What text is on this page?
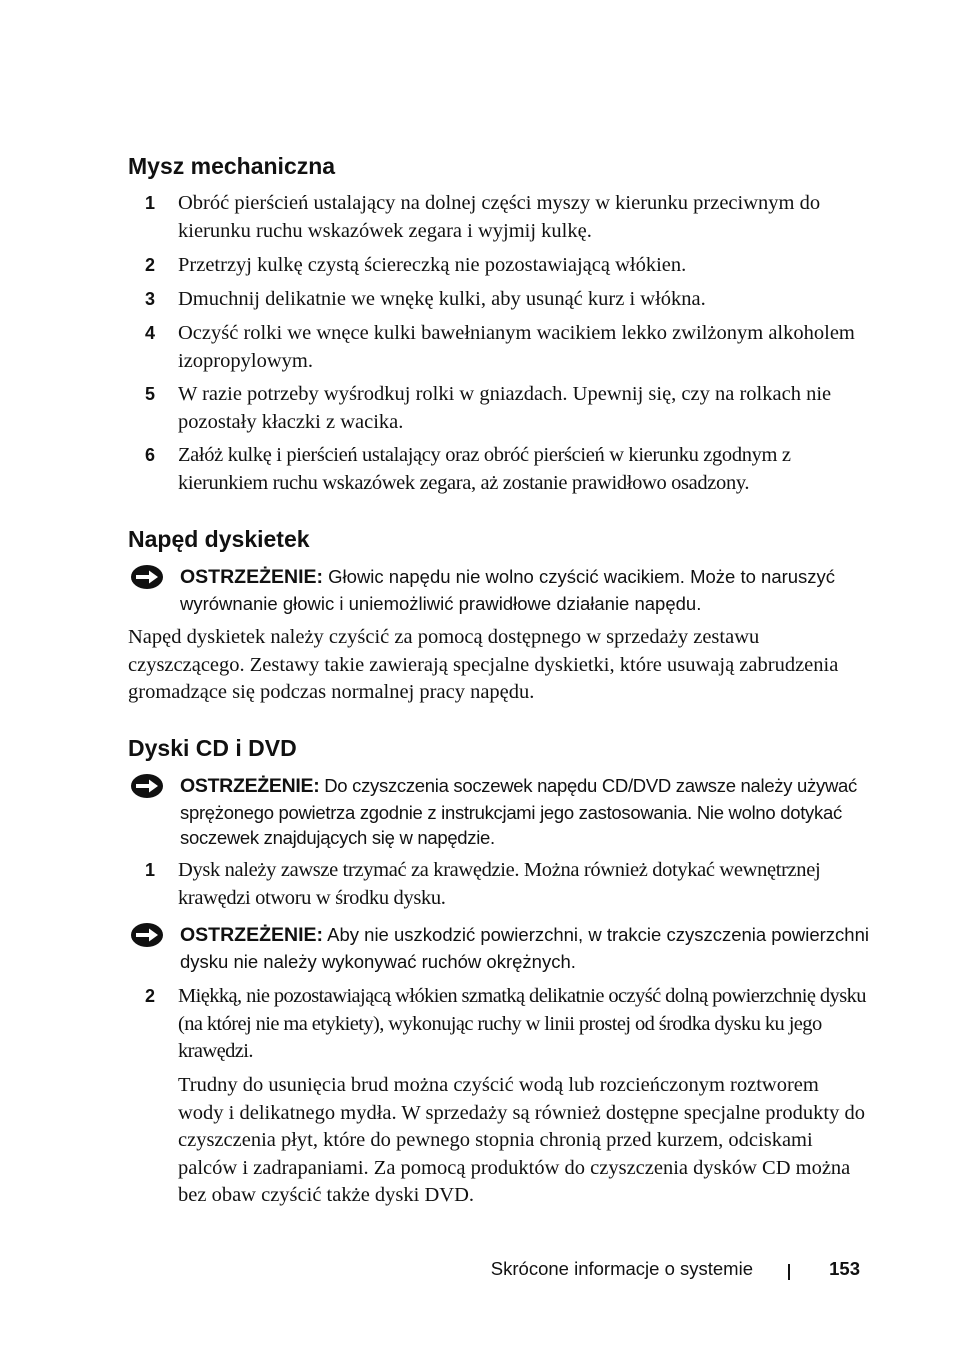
Mysz mechaniczna
1 Obróć pierścień ustalający na dolnej części myszy w kierunku przeciwnym do kierunku ruchu wskazówek zegara i wyjmij kulkę.
2 Przetrzyj kulkę czystą ściereczką nie pozostawiającą włókien.
3 Dmuchnij delikatnie we wnękę kulki, aby usunąć kurz i włókna.
4 Oczyść rolki we wnęce kulki bawełnianym wacikiem lekko zwilżonym alkoholem izopropylowym.
5 W razie potrzeby wyśrodkuj rolki w gniazdach. Upewnij się, czy na rolkach nie pozostały kłaczki z wacika.
6 Załóż kulkę i pierścień ustalający oraz obróć pierścień w kierunku zgodnym z kierunkiem ruchu wskazówek zegara, aż zostanie prawidłowo osadzony.
Napęd dyskietek
OSTRZEŻENIE: Głowic napędu nie wolno czyścić wacikiem. Może to naruszyć wyrównanie głowic i uniemożliwić prawidłowe działanie napędu.

Napęd dyskietek należy czyścić za pomocą dostępnego w sprzedaży zestawu czyszczącego. Zestawy takie zawierają specjalne dyskietki, które usuwają zabrudzenia gromadzące się podczas normalnej pracy napędu.

Dyski CD i DVD
OSTRZEŻENIE: Do czyszczenia soczewek napędu CD/DVD zawsze należy używać sprężonego powietrza zgodnie z instrukcjami jego zastosowania. Nie wolno dotykać soczewek znajdujących się w napędzie.
1 Dysk należy zawsze trzymać za krawędzie. Można również dotykać wewnętrznej krawędzi otworu w środku dysku.
OSTRZEŻENIE: Aby nie uszkodzić powierzchni, w trakcie czyszczenia powierzchni dysku nie należy wykonywać ruchów okrężnych.
2 Miękką, nie pozostawiającą włókien szmatką delikatnie oczyść dolną powierzchnię dysku (na której nie ma etykiety), wykonując ruchy w linii prostej od środka dysku ku jego krawędzi.

Trudny do usunięcia brud można czyścić wodą lub rozcieńczonym roztworem wody i delikatnego mydła. W sprzedaży są również dostępne specjalne produkty do czyszczenia płyt, które do pewnego stopnia chronią przed kurzem, odciskami palców i zadrapaniami. Za pomocą produktów do czyszczenia dysków CD można bez obaw czyścić także dyski DVD.

Skrócone informacje o systemie	153
